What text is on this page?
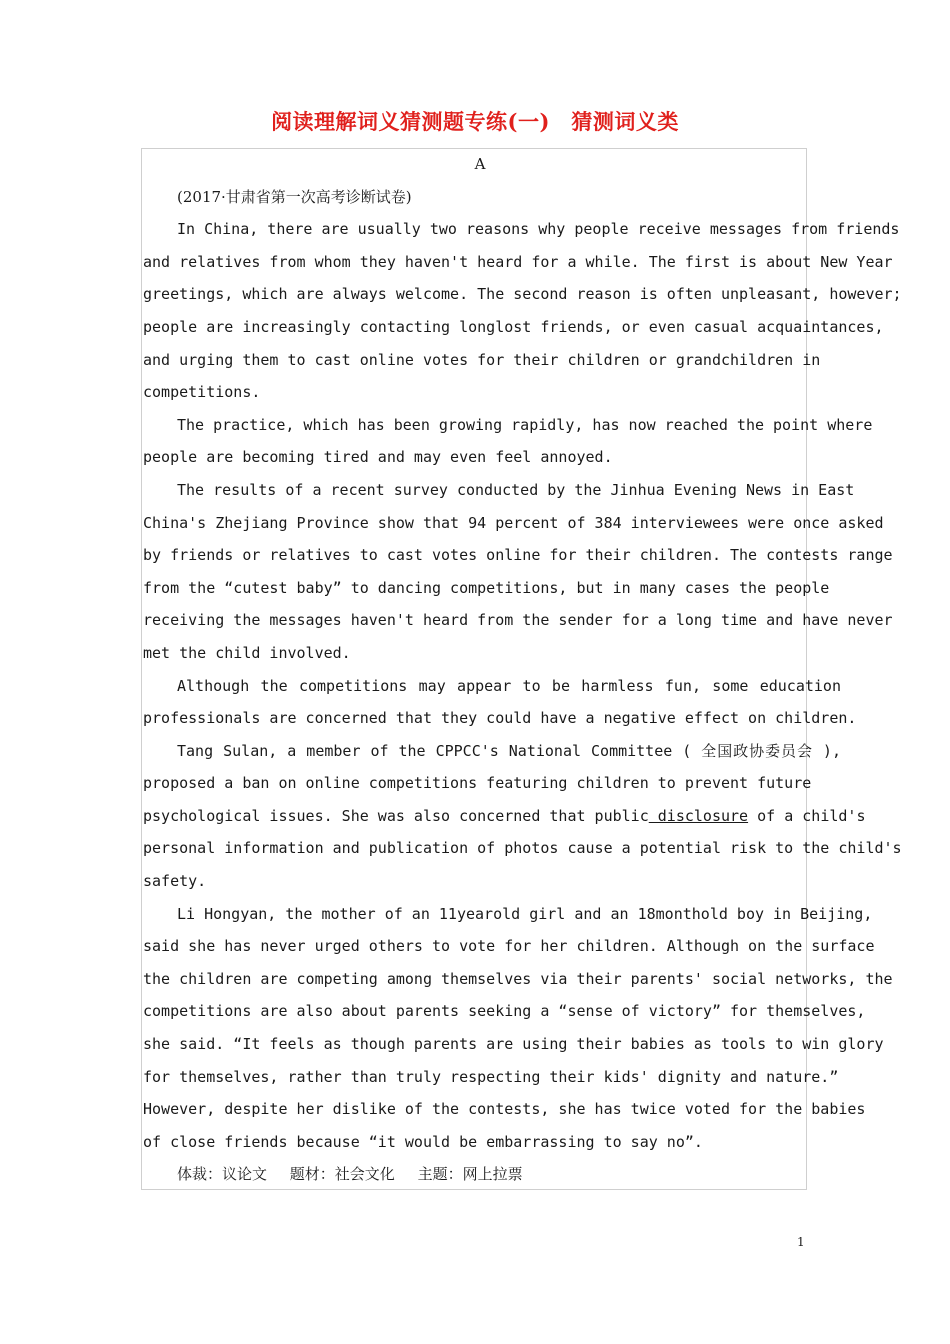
阅读理解词义猜测题专练(一)　猜测词义类
A
(2017·甘肃省第一次高考诊断试卷)
In China, there are usually two reasons why people receive messages from friends
and relatives from whom they haven't heard for a while. The first is about New Year
greetings, which are always welcome. The second reason is often unpleasant, however;
people are increasingly contacting longlost friends, or even casual acquaintances,
and urging them to cast online votes for their children or grandchildren in
competitions.
The practice, which has been growing rapidly, has now reached the point where
people are becoming tired and may even feel annoyed.
The results of a recent survey conducted by the Jinhua Evening News in East
China's Zhejiang Province show that 94 percent of 384 interviewees were once asked
by friends or relatives to cast votes online for their children. The contests range
from the “cutest baby” to dancing competitions, but in many cases the people
receiving the messages haven't heard from the sender for a long time and have never
met the child involved.
Although the competitions may appear to be harmless fun, some education
professionals are concerned that they could have a negative effect on children.
Tang Sulan, a member of the CPPCC's National Committee ( 全国政协委员会 ),
proposed a ban on online competitions featuring children to prevent future
psychological issues. She was also concerned that public disclosure of a child's
personal information and publication of photos cause a potential risk to the child's
safety.
Li Hongyan, the mother of an 11yearold girl and an 18monthold boy in Beijing,
said she has never urged others to vote for her children. Although on the surface
the children are competing among themselves via their parents' social networks, the
competitions are also about parents seeking a “sense of victory” for themselves,
she said. “It feels as though parents are using their babies as tools to win glory
for themselves, rather than truly respecting their kids' dignity and nature.”
However, despite her dislike of the contests, she has twice voted for the babies
of close friends because “it would be embarrassing to say no”.
体裁：议论文 题材：社会文化 主题：网上拉票
1
